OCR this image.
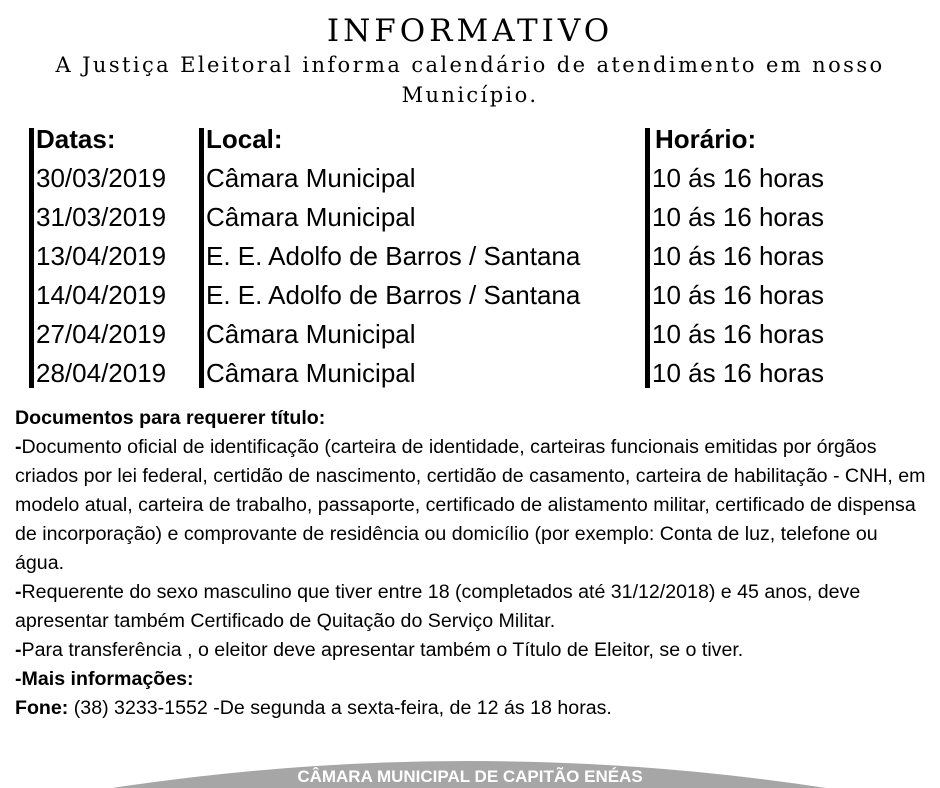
INFORMATIVO
A Justiça Eleitoral informa calendário de atendimento em nosso Município.
Datas:
30/03/2019
31/03/2019
13/04/2019
14/04/2019
27/04/2019
28/04/2019
Local:
Câmara Municipal
Câmara Municipal
E. E. Adolfo de Barros / Santana
E. E. Adolfo de Barros / Santana
Câmara Municipal
Câmara Municipal
Horário:
10 ás 16 horas
10 ás 16 horas
10 ás 16 horas
10 ás 16 horas
10 ás 16 horas
10 ás 16 horas

Documentos para requerer título:

-Documento oficial de identificação (carteira de identidade, carteiras funcionais emitidas por órgãos criados por lei federal, certidão de nascimento, certidão de casamento, carteira de habilitação - CNH, em modelo atual, carteira de trabalho, passaporte, certificado de alistamento militar, certificado de dispensa de incorporação) e comprovante de residência ou domicílio (por exemplo: Conta de luz, telefone ou água.

-Requerente do sexo masculino que tiver entre 18 (completados até 31/12/2018) e 45 anos, deve apresentar também Certificado de Quitação do Serviço Militar.

-Para transferência , o eleitor deve apresentar também o Título de Eleitor, se o tiver.

-Mais informações:

Fone: (38) 3233-1552 -De segunda a sexta-feira, de 12 ás 18 horas.

CÂMARA MUNICIPAL DE CAPITÃO ENÉAS
